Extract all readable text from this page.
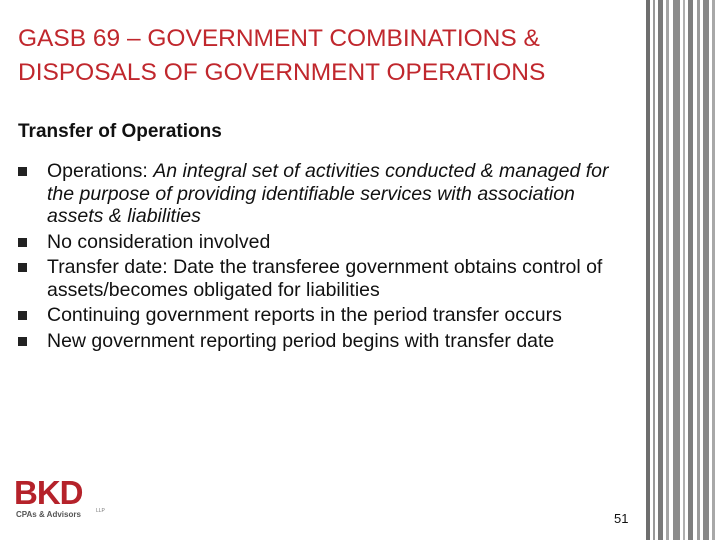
GASB 69 – GOVERNMENT COMBINATIONS & DISPOSALS OF GOVERNMENT OPERATIONS
Transfer of Operations
Operations: An integral set of activities conducted & managed for the purpose of providing identifiable services with association assets & liabilities
No consideration involved
Transfer date: Date the transferee government obtains control of assets/becomes obligated for liabilities
Continuing government reports in the period transfer occurs
New government reporting period begins with transfer date
51
BKD	LLP
CPAs & Advisors
